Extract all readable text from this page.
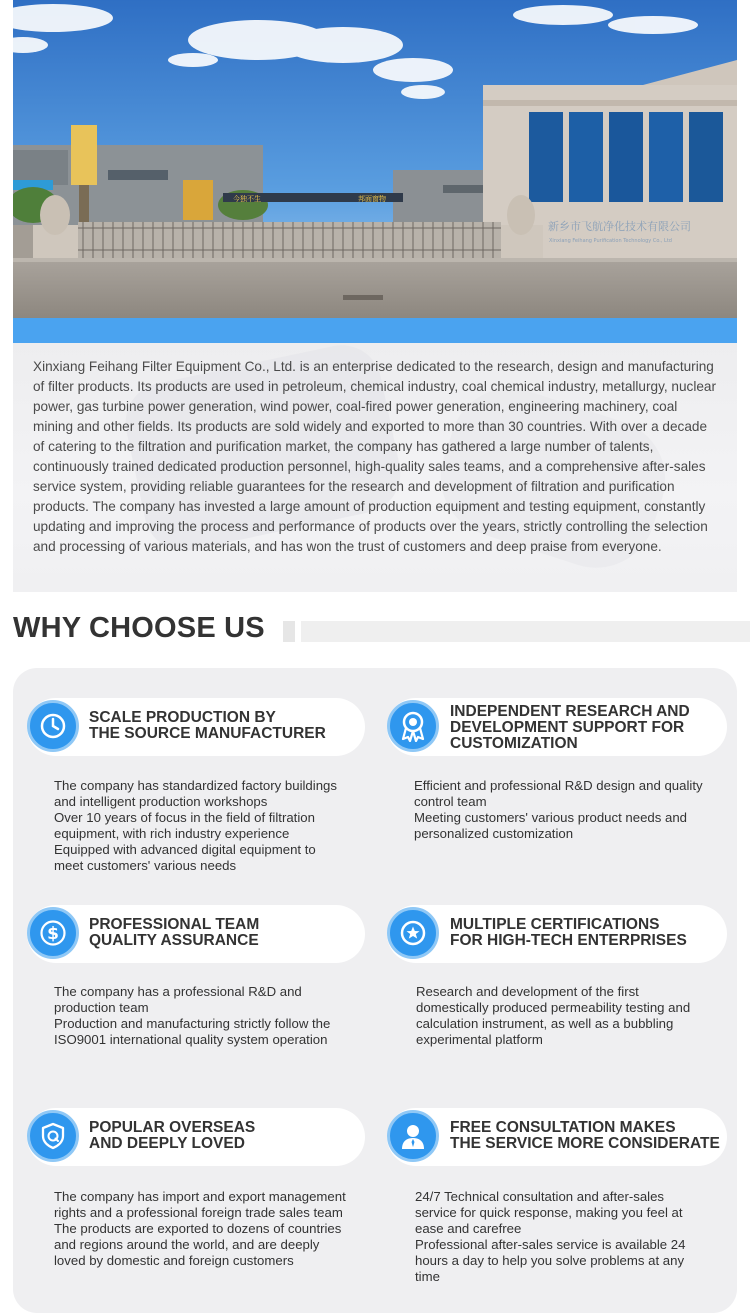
今独不生	邦面窗物
新乡市飞航净化技术有限公司
Xinxiang Feihang Purification Technology Co., Ltd

Xinxiang Feihang Filter Equipment Co., Ltd. is an enterprise dedicated to the research, design and manufacturing of filter products. Its products are used in petroleum, chemical industry, coal chemical industry, metallurgy, nuclear power, gas turbine power generation, wind power, coal-fired power generation, engineering machinery, coal mining and other fields. Its products are sold widely and exported to more than 30 countries. With over a decade of catering to the filtration and purification market, the company has gathered a large number of talents, continuously trained dedicated production personnel, high-quality sales teams, and a comprehensive after-sales service system, providing reliable guarantees for the research and development of filtration and purification products. The company has invested a large amount of production equipment and testing equipment, constantly updating and improving the process and performance of products over the years, strictly controlling the selection and processing of various materials, and has won the trust of customers and deep praise from everyone.

WHY CHOOSE US
SCALE PRODUCTION BY
THE SOURCE MANUFACTURER
The company has standardized factory buildings
and intelligent production workshops
Over 10 years of focus in the field of filtration
equipment, with rich industry experience
Equipped with advanced digital equipment to
meet customers' various needs
INDEPENDENT RESEARCH AND
DEVELOPMENT SUPPORT FOR
CUSTOMIZATION
Efficient and professional R&D design and quality
control team
Meeting customers' various product needs and
personalized customization
$ PROFESSIONAL TEAM
QUALITY ASSURANCE
The company has a professional R&D and
production team
Production and manufacturing strictly follow the
ISO9001 international quality system operation
MULTIPLE CERTIFICATIONS
FOR HIGH-TECH ENTERPRISES
Research and development of the first
domestically produced permeability testing and
calculation instrument, as well as a bubbling
experimental platform
POPULAR OVERSEAS
AND DEEPLY LOVED
The company has import and export management
rights and a professional foreign trade sales team
The products are exported to dozens of countries
and regions around the world, and are deeply
loved by domestic and foreign customers
FREE CONSULTATION MAKES
THE SERVICE MORE CONSIDERATE
24/7 Technical consultation and after-sales
service for quick response, making you feel at
ease and carefree
Professional after-sales service is available 24
hours a day to help you solve problems at any
time
